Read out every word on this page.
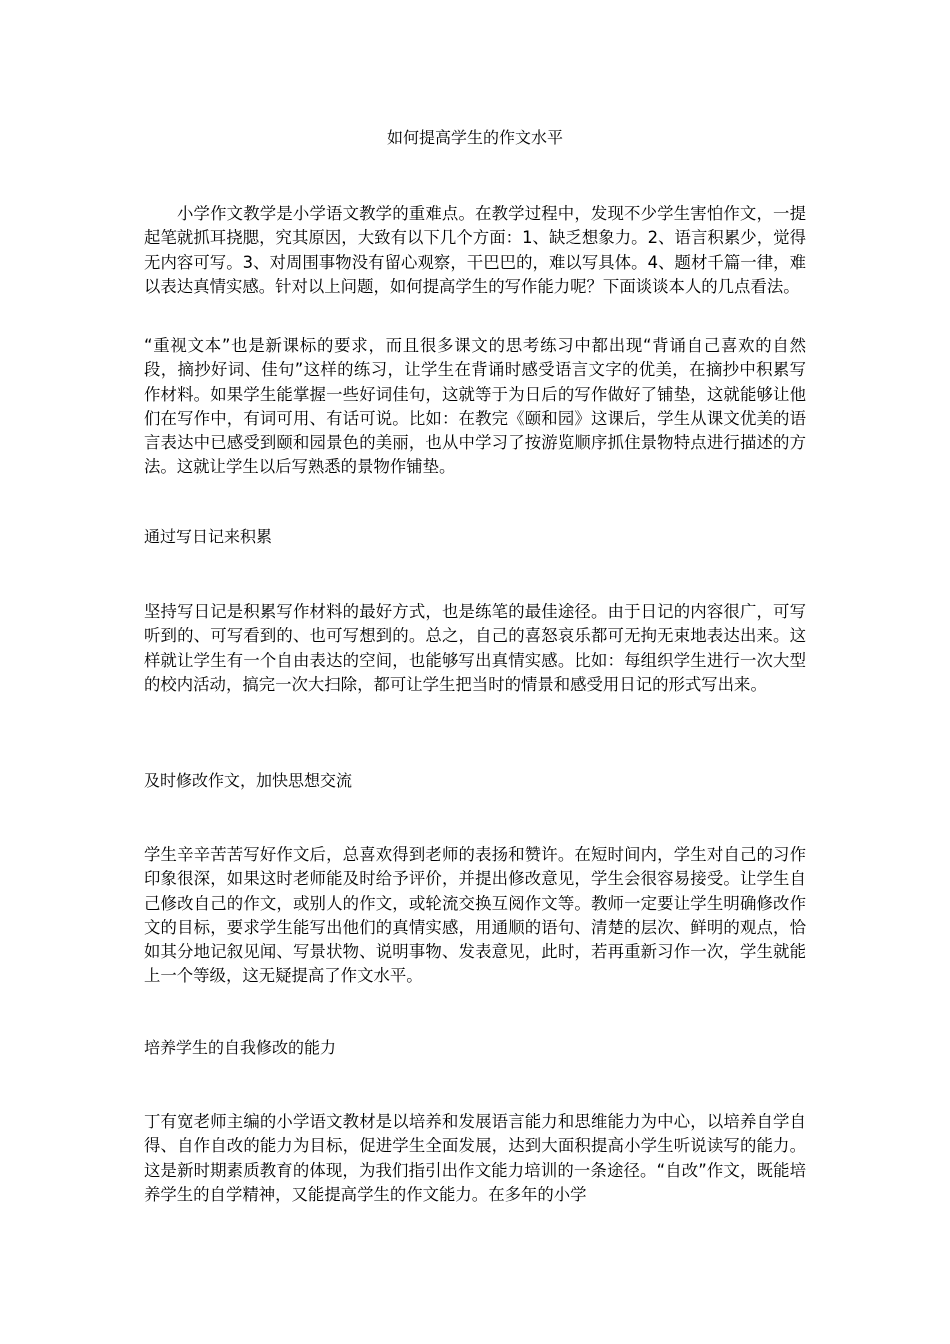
如何提高学生的作文水平

小学作文教学是小学语文教学的重难点。在教学过程中，发现不少学生害怕作文，一提起笔就抓耳挠腮，究其原因，大致有以下几个方面：1、缺乏想象力。2、语言积累少，觉得无内容可写。3、对周围事物没有留心观察，干巴巴的，难以写具体。4、题材千篇一律，难以表达真情实感。针对以上问题，如何提高学生的写作能力呢？下面谈谈本人的几点看法。

“重视文本”也是新课标的要求，而且很多课文的思考练习中都出现“背诵自己喜欢的自然段，摘抄好词、佳句”这样的练习，让学生在背诵时感受语言文字的优美，在摘抄中积累写作材料。如果学生能掌握一些好词佳句，这就等于为日后的写作做好了铺垫，这就能够让他们在写作中，有词可用、有话可说。比如：在教完《颐和园》这课后，学生从课文优美的语言表达中已感受到颐和园景色的美丽，也从中学习了按游览顺序抓住景物特点进行描述的方法。这就让学生以后写熟悉的景物作铺垫。

通过写日记来积累

坚持写日记是积累写作材料的最好方式，也是练笔的最佳途径。由于日记的内容很广，可写听到的、可写看到的、也可写想到的。总之，自己的喜怒哀乐都可无拘无束地表达出来。这样就让学生有一个自由表达的空间，也能够写出真情实感。比如：每组织学生进行一次大型的校内活动，搞完一次大扫除，都可让学生把当时的情景和感受用日记的形式写出来。

及时修改作文，加快思想交流

学生辛辛苦苦写好作文后，总喜欢得到老师的表扬和赞许。在短时间内，学生对自己的习作印象很深，如果这时老师能及时给予评价，并提出修改意见，学生会很容易接受。让学生自己修改自己的作文，或别人的作文，或轮流交换互阅作文等。教师一定要让学生明确修改作文的目标，要求学生能写出他们的真情实感，用通顺的语句、清楚的层次、鲜明的观点，恰如其分地记叙见闻、写景状物、说明事物、发表意见，此时，若再重新习作一次，学生就能上一个等级，这无疑提高了作文水平。

培养学生的自我修改的能力

丁有宽老师主编的小学语文教材是以培养和发展语言能力和思维能力为中心，以培养自学自得、自作自改的能力为目标，促进学生全面发展，达到大面积提高小学生听说读写的能力。这是新时期素质教育的体现，为我们指引出作文能力培训的一条途径。“自改”作文，既能培养学生的自学精神，又能提高学生的作文能力。在多年的小学
